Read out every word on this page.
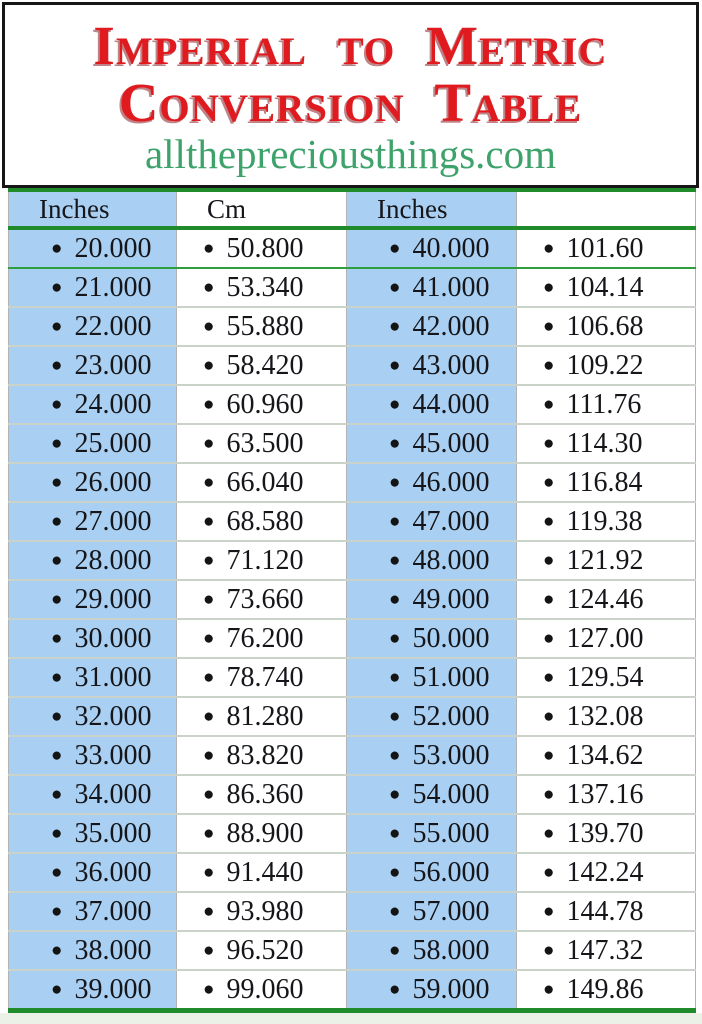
Imperial to Metric
Conversion Table
allthepreciousthings.com
Inches	Cm	Inches	
● 20.000	● 50.800	● 40.000	● 101.60
● 21.000	● 53.340	● 41.000	● 104.14
● 22.000	● 55.880	● 42.000	● 106.68
● 23.000	● 58.420	● 43.000	● 109.22
● 24.000	● 60.960	● 44.000	● 111.76
● 25.000	● 63.500	● 45.000	● 114.30
● 26.000	● 66.040	● 46.000	● 116.84
● 27.000	● 68.580	● 47.000	● 119.38
● 28.000	● 71.120	● 48.000	● 121.92
● 29.000	● 73.660	● 49.000	● 124.46
● 30.000	● 76.200	● 50.000	● 127.00
● 31.000	● 78.740	● 51.000	● 129.54
● 32.000	● 81.280	● 52.000	● 132.08
● 33.000	● 83.820	● 53.000	● 134.62
● 34.000	● 86.360	● 54.000	● 137.16
● 35.000	● 88.900	● 55.000	● 139.70
● 36.000	● 91.440	● 56.000	● 142.24
● 37.000	● 93.980	● 57.000	● 144.78
● 38.000	● 96.520	● 58.000	● 147.32
● 39.000	● 99.060	● 59.000	● 149.86
